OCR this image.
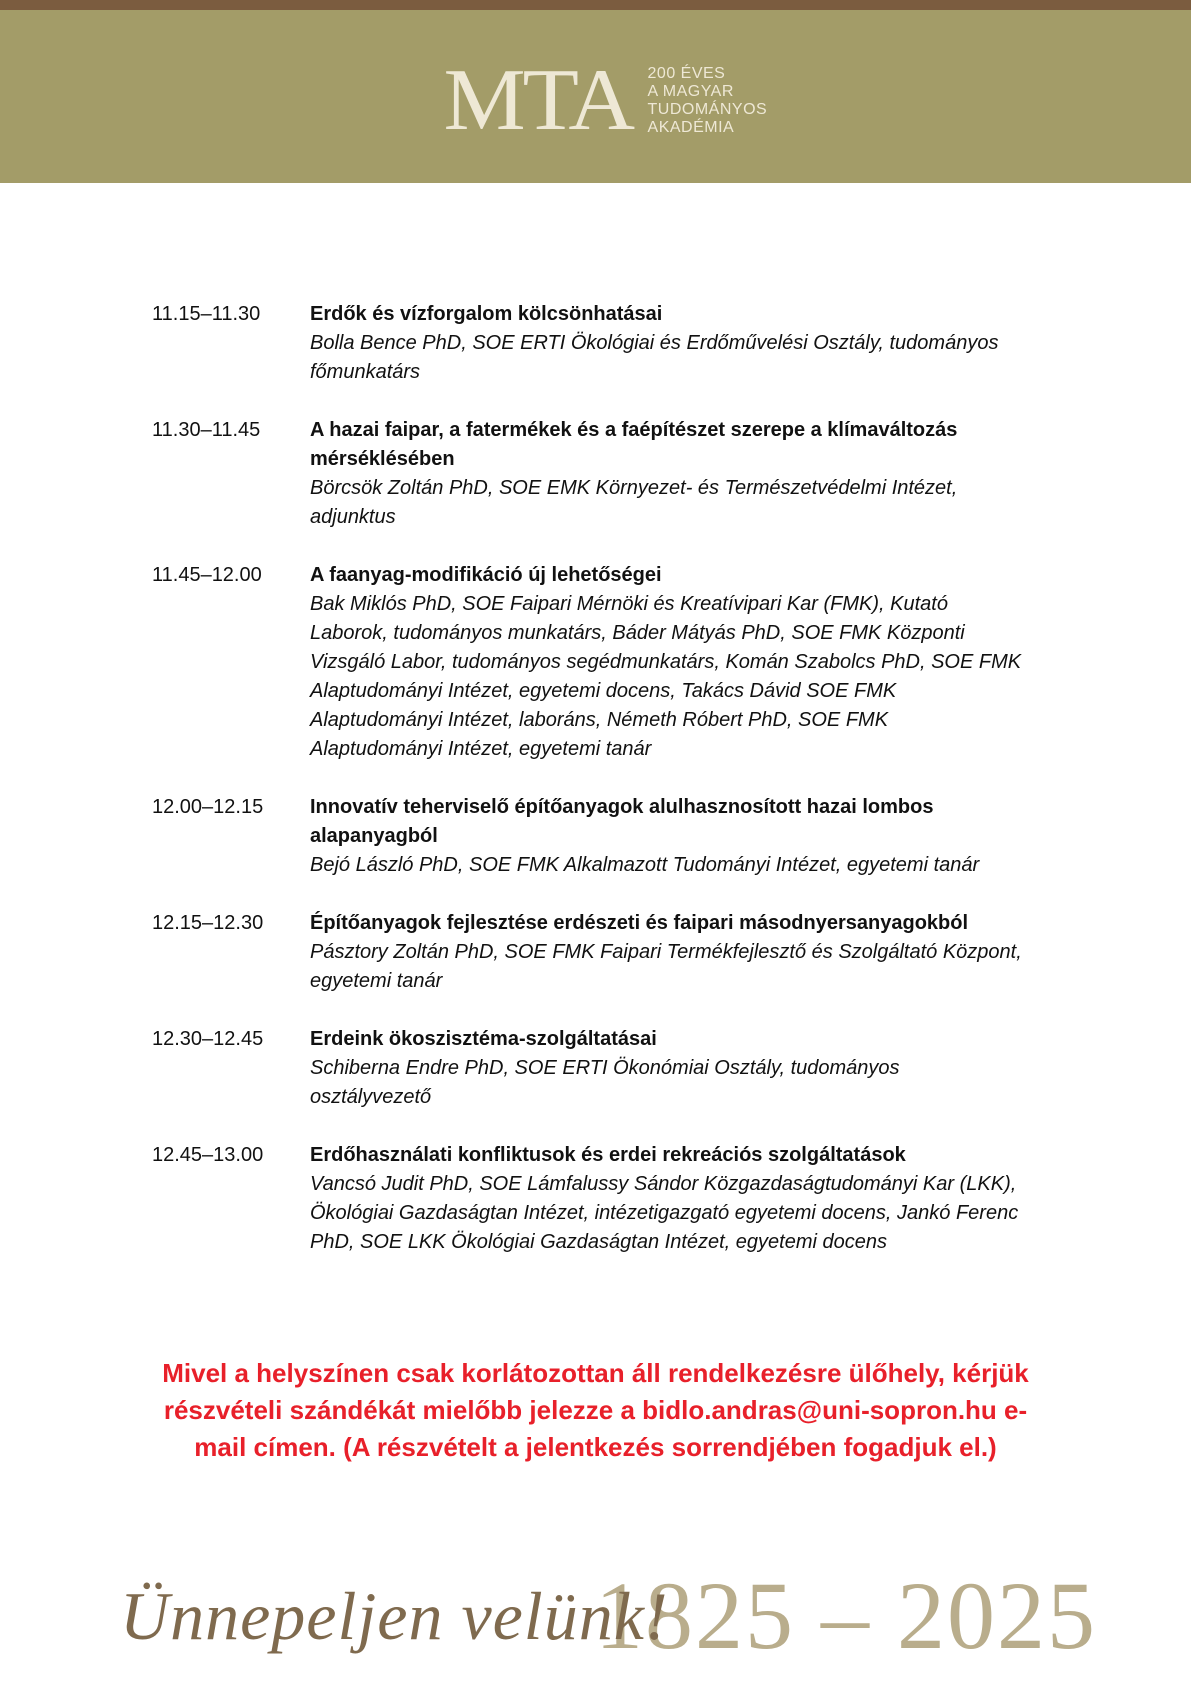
MTA 200 ÉVES
A MAGYAR
TUDOMÁNYOS
AKADÉMIA
11.15–11.30	Erdők és vízforgalom kölcsönhatásai
Bolla Bence PhD, SOE ERTI Ökológiai és Erdőművelési Osztály, tudományos főmunkatárs
11.30–11.45	A hazai faipar, a fatermékek és a faépítészet szerepe a klímaváltozás mérséklésében
Börcsök Zoltán PhD, SOE EMK Környezet- és Természetvédelmi Intézet, adjunktus
11.45–12.00	A faanyag-modifikáció új lehetőségei
Bak Miklós PhD, SOE Faipari Mérnöki és Kreatívipari Kar (FMK), Kutató Laborok, tudományos munkatárs, Báder Mátyás PhD, SOE FMK Központi Vizsgáló Labor, tudományos segédmunkatárs, Komán Szabolcs PhD, SOE FMK Alaptudományi Intézet, egyetemi docens, Takács Dávid SOE FMK Alaptudományi Intézet, laboráns, Németh Róbert PhD, SOE FMK Alaptudományi Intézet, egyetemi tanár
12.00–12.15	Innovatív teherviselő építőanyagok alulhasznosított hazai lombos alapanyagból
Bejó László PhD, SOE FMK Alkalmazott Tudományi Intézet, egyetemi tanár
12.15–12.30	Építőanyagok fejlesztése erdészeti és faipari másodnyersanyagokból
Pásztory Zoltán PhD, SOE FMK Faipari Termékfejlesztő és Szolgáltató Központ, egyetemi tanár
12.30–12.45	Erdeink ökoszisztéma-szolgáltatásai
Schiberna Endre PhD, SOE ERTI Ökonómiai Osztály, tudományos osztályvezető
12.45–13.00	Erdőhasználati konfliktusok és erdei rekreációs szolgáltatások
Vancsó Judit PhD, SOE Lámfalussy Sándor Közgazdaságtudományi Kar (LKK), Ökológiai Gazdaságtan Intézet, intézetigazgató egyetemi docens, Jankó Ferenc PhD, SOE LKK Ökológiai Gazdaságtan Intézet, egyetemi docens
Mivel a helyszínen csak korlátozottan áll rendelkezésre ülőhely, kérjük részvételi szándékát mielőbb jelezze a bidlo.andras@uni-sopron.hu e-mail címen. (A részvételt a jelentkezés sorrendjében fogadjuk el.)
1825 – 2025
Ünnepeljen velünk!
